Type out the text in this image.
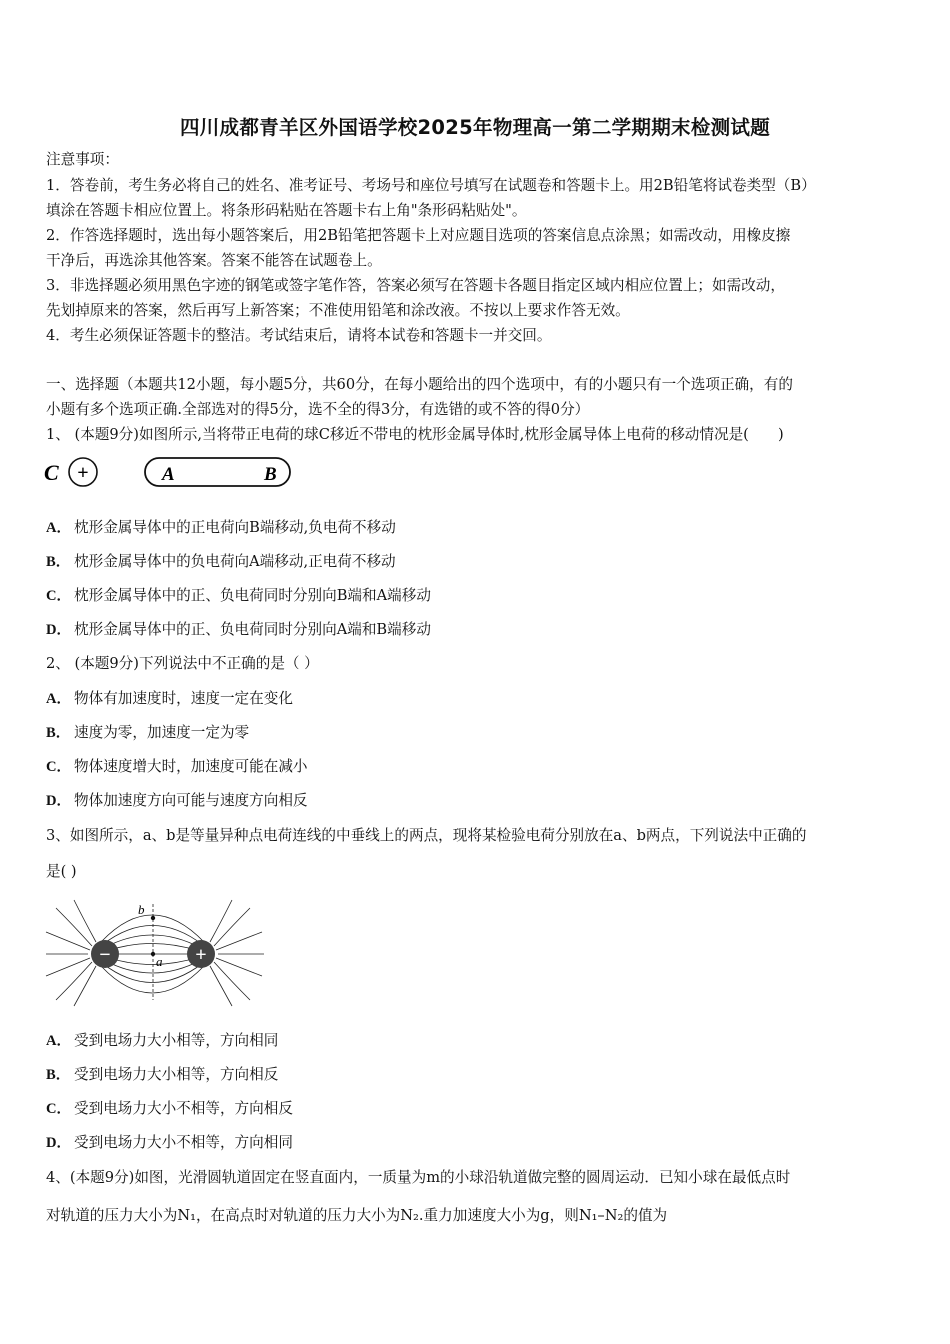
四川成都青羊区外国语学校2025年物理高一第二学期期末检测试题
注意事项：
1．答卷前，考生务必将自己的姓名、准考证号、考场号和座位号填写在试题卷和答题卡上。用2B铅笔将试卷类型（B）
填涂在答题卡相应位置上。将条形码粘贴在答题卡右上角"条形码粘贴处"。
2．作答选择题时，选出每小题答案后，用2B铅笔把答题卡上对应题目选项的答案信息点涂黑；如需改动，用橡皮擦
干净后，再选涂其他答案。答案不能答在试题卷上。
3．非选择题必须用黑色字迹的钢笔或签字笔作答，答案必须写在答题卡各题目指定区域内相应位置上；如需改动，
先划掉原来的答案，然后再写上新答案；不准使用铅笔和涂改液。不按以上要求作答无效。
4．考生必须保证答题卡的整洁。考试结束后，请将本试卷和答题卡一并交回。
一、选择题（本题共12小题，每小题5分，共60分，在每小题给出的四个选项中，有的小题只有一个选项正确，有的
小题有多个选项正确.全部选对的得5分，选不全的得3分，有选错的或不答的得0分）
1、 (本题9分)如图所示,当将带正电荷的球C移近不带电的枕形金属导体时,枕形金属导体上电荷的移动情况是(　　)
C +	A	B
A． 枕形金属导体中的正电荷向B端移动,负电荷不移动
B． 枕形金属导体中的负电荷向A端移动,正电荷不移动
C． 枕形金属导体中的正、负电荷同时分别向B端和A端移动
D． 枕形金属导体中的正、负电荷同时分别向A端和B端移动
2、 (本题9分)下列说法中不正确的是（ ）
A． 物体有加速度时，速度一定在变化
B． 速度为零，加速度一定为零
C． 物体速度增大时，加速度可能在减小
D． 物体加速度方向可能与速度方向相反
3、如图所示，a、b是等量异种点电荷连线的中垂线上的两点，现将某检验电荷分别放在a、b两点，下列说法中正确的
是( )
−	+
a
b
A． 受到电场力大小相等，方向相同
B． 受到电场力大小相等，方向相反
C． 受到电场力大小不相等，方向相反
D． 受到电场力大小不相等，方向相同
4、(本题9分)如图，光滑圆轨道固定在竖直面内，一质量为m的小球沿轨道做完整的圆周运动．已知小球在最低点时
对轨道的压力大小为N₁，在高点时对轨道的压力大小为N₂.重力加速度大小为g，则N₁–N₂的值为
